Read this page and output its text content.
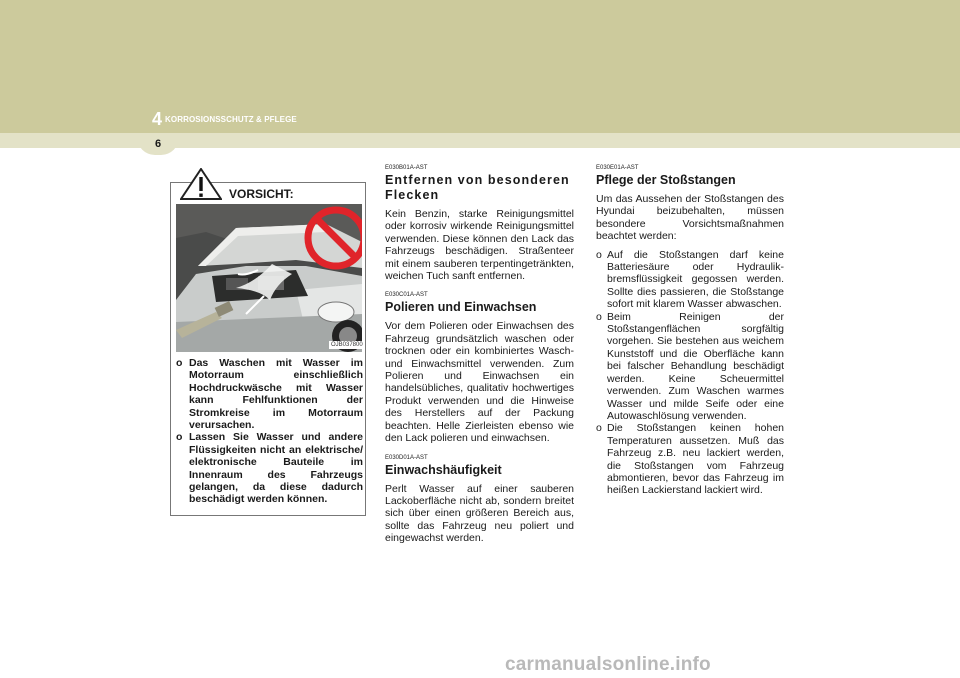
4 KORROSIONSSCHUTZ & PFLEGE
6
VORSICHT:
OJB037800
o Das Waschen mit Wasser im Motorraum einschließlich Hochdruckwäsche mit Wasser kann Fehlfunktionen der Stromkreise im Motorraum verursachen.
o Lassen Sie Wasser und andere Flüssigkeiten nicht an elektrische/ elektronische Bauteile im Innenraum des Fahrzeugs gelangen, da diese dadurch beschädigt werden können.
E030B01A-AST
Entfernen von besonderen Flecken
Kein Benzin, starke Reinigungsmittel oder korrosiv wirkende Reinigungsmittel verwenden. Diese können den Lack das Fahrzeugs beschädigen. Straßenteer mit einem sauberen terpentingetränkten, weichen Tuch sanft entfernen.
E030C01A-AST
Polieren und Einwachsen
Vor dem Polieren oder Einwachsen des Fahrzeug grundsätzlich waschen oder trocknen oder ein kombiniertes Wasch-und Einwachsmittel verwenden. Zum Polieren und Einwachsen ein handelsübliches, qualitativ hochwertiges Produkt verwenden und die Hinweise des Herstellers auf der Packung beachten. Helle Zierleisten ebenso wie den Lack polieren und einwachsen.
E030D01A-AST
Einwachshäufigkeit
Perlt Wasser auf einer sauberen Lackoberfläche nicht ab, sondern breitet sich über einen größeren Bereich aus, sollte das Fahrzeug neu poliert und eingewachst werden.
E030E01A-AST
Pflege der Stoßstangen
Um das Aussehen der Stoßstangen des Hyundai beizubehalten, müssen besondere Vorsichtsmaßnahmen beachtet werden:
o Auf die Stoßstangen darf keine Batteriesäure oder Hydraulik-bremsflüssigkeit gegossen werden. Sollte dies passieren, die Stoßstange sofort mit klarem Wasser abwaschen.
o Beim Reinigen der Stoßstangenflächen sorgfältig vorgehen. Sie bestehen aus weichem Kunststoff und die Oberfläche kann bei falscher Behandlung beschädigt werden. Keine Scheuermittel verwenden. Zum Waschen warmes Wasser und milde Seife oder eine Autowaschlösung verwenden.
o Die Stoßstangen keinen hohen Temperaturen aussetzen. Muß das Fahrzeug z.B. neu lackiert werden, die Stoßstangen vom Fahrzeug abmontieren, bevor das Fahrzeug im heißen Lackierstand lackiert wird.
carmanualsonline.info
